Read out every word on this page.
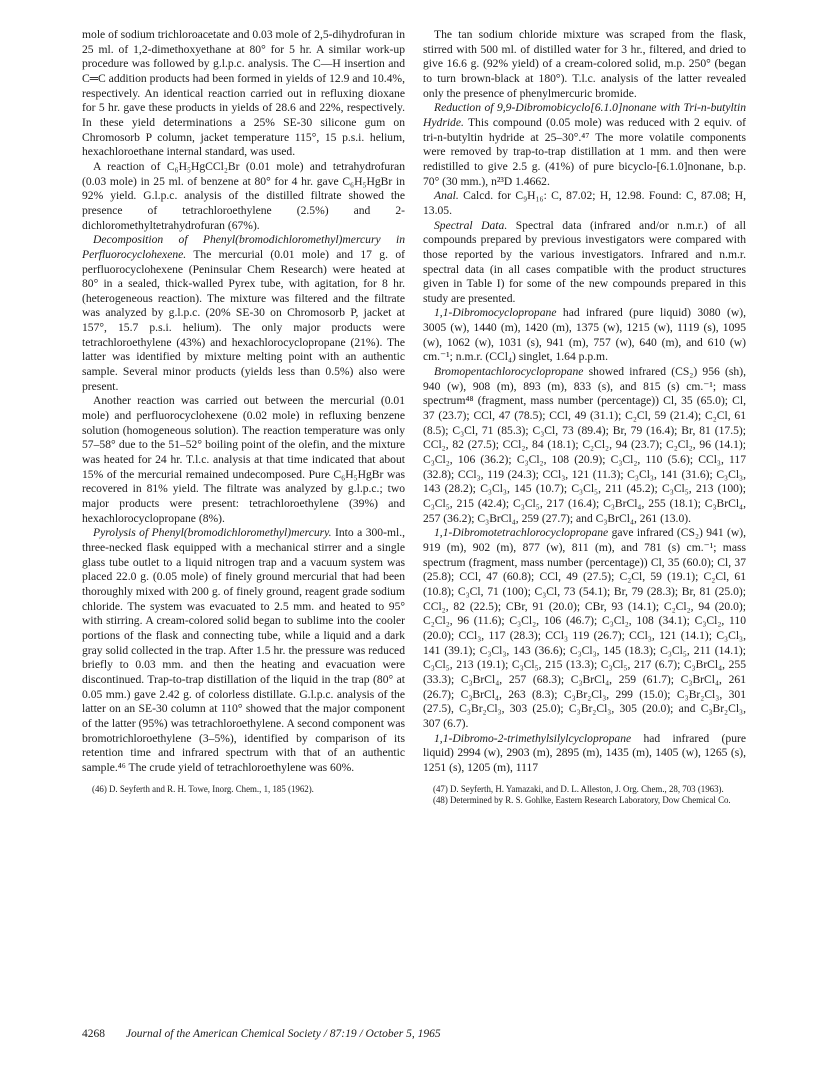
mole of sodium trichloroacetate and 0.03 mole of 2,5-dihydrofuran in 25 ml. of 1,2-dimethoxyethane at 80° for 5 hr. A similar work-up procedure was followed by g.l.p.c. analysis. The C—H insertion and C═C addition products had been formed in yields of 12.9 and 10.4%, respectively. An identical reaction carried out in refluxing dioxane for 5 hr. gave these products in yields of 28.6 and 22%, respectively. In these yield determinations a 25% SE-30 silicone gum on Chromosorb P column, jacket temperature 115°, 15 p.s.i. helium, hexachloroethane internal standard, was used.

A reaction of C₆H₅HgCCl₂Br (0.01 mole) and tetrahydrofuran (0.03 mole) in 25 ml. of benzene at 80° for 4 hr. gave C₆H₅HgBr in 92% yield. G.l.p.c. analysis of the distilled filtrate showed the presence of tetrachloroethylene (2.5%) and 2-dichloromethyltetrahydrofuran (67%).

Decomposition of Phenyl(bromodichloromethyl)mercury in Perfluorocyclohexene. The mercurial (0.01 mole) and 17 g. of perfluorocyclohexene (Peninsular Chem Research) were heated at 80° in a sealed, thick-walled Pyrex tube, with agitation, for 8 hr. (heterogeneous reaction). The mixture was filtered and the filtrate was analyzed by g.l.p.c. (20% SE-30 on Chromosorb P, jacket at 157°, 15.7 p.s.i. helium). The only major products were tetrachloroethylene (43%) and hexachlorocyclopropane (21%). The latter was identified by mixture melting point with an authentic sample. Several minor products (yields less than 0.5%) also were present.

Another reaction was carried out between the mercurial (0.01 mole) and perfluorocyclohexene (0.02 mole) in refluxing benzene solution (homogeneous solution). The reaction temperature was only 57–58° due to the 51–52° boiling point of the olefin, and the mixture was heated for 24 hr. T.l.c. analysis at that time indicated that about 15% of the mercurial remained undecomposed. Pure C₆H₅HgBr was recovered in 81% yield. The filtrate was analyzed by g.l.p.c.; two major products were present: tetrachloroethylene (39%) and hexachlorocyclopropane (8%).

Pyrolysis of Phenyl(bromodichloromethyl)mercury. Into a 300-ml., three-necked flask equipped with a mechanical stirrer and a single glass tube outlet to a liquid nitrogen trap and a vacuum system was placed 22.0 g. (0.05 mole) of finely ground mercurial that had been thoroughly mixed with 200 g. of finely ground, reagent grade sodium chloride. The system was evacuated to 2.5 mm. and heated to 95° with stirring. A cream-colored solid began to sublime into the cooler portions of the flask and connecting tube, while a liquid and a dark gray solid collected in the trap. After 1.5 hr. the pressure was reduced briefly to 0.03 mm. and then the heating and evacuation were discontinued. Trap-to-trap distillation of the liquid in the trap (80° at 0.05 mm.) gave 2.42 g. of colorless distillate. G.l.p.c. analysis of the latter on an SE-30 column at 110° showed that the major component of the latter (95%) was tetrachloroethylene. A second component was bromotrichloroethylene (3–5%), identified by comparison of its retention time and infrared spectrum with that of an authentic sample.⁴⁶ The crude yield of tetrachloroethylene was 60%.

(46) D. Seyferth and R. H. Towe, Inorg. Chem., 1, 185 (1962).

The tan sodium chloride mixture was scraped from the flask, stirred with 500 ml. of distilled water for 3 hr., filtered, and dried to give 16.6 g. (92% yield) of a cream-colored solid, m.p. 250° (began to turn brown-black at 180°). T.l.c. analysis of the latter revealed only the presence of phenylmercuric bromide.

Reduction of 9,9-Dibromobicyclo[6.1.0]nonane with Tri-n-butyltin Hydride. This compound (0.05 mole) was reduced with 2 equiv. of tri-n-butyltin hydride at 25–30°.⁴⁷ The more volatile components were removed by trap-to-trap distillation at 1 mm. and then were redistilled to give 2.5 g. (41%) of pure bicyclo-[6.1.0]nonane, b.p. 70° (30 mm.), n²³D 1.4662.

Anal. Calcd. for C₉H₁₆: C, 87.02; H, 12.98. Found: C, 87.08; H, 13.05.

Spectral Data. Spectral data (infrared and/or n.m.r.) of all compounds prepared by previous investigators were compared with those reported by the various investigators. Infrared and n.m.r. spectral data (in all cases compatible with the product structures given in Table I) for some of the new compounds prepared in this study are presented.

1,1-Dibromocyclopropane had infrared (pure liquid) 3080 (w), 3005 (w), 1440 (m), 1420 (m), 1375 (w), 1215 (w), 1119 (s), 1095 (w), 1062 (w), 1031 (s), 941 (m), 757 (w), 640 (m), and 610 (w) cm.⁻¹; n.m.r. (CCl₄) singlet, 1.64 p.p.m.

Bromopentachlorocyclopropane showed infrared (CS₂) 956 (sh), 940 (w), 908 (m), 893 (m), 833 (s), and 815 (s) cm.⁻¹; mass spectrum⁴⁸ (fragment, mass number (percentage)) Cl, 35 (65.0); Cl, 37 (23.7); CCl, 47 (78.5); CCl, 49 (31.1); C₂Cl, 59 (21.4); C₂Cl, 61 (8.5); C₃Cl, 71 (85.3); C₃Cl, 73 (89.4); Br, 79 (16.4); Br, 81 (17.5); CCl₂, 82 (27.5); CCl₂, 84 (18.1); C₂Cl₂, 94 (23.7); C₂Cl₂, 96 (14.1); C₃Cl₂, 106 (36.2); C₃Cl₂, 108 (20.9); C₃Cl₂, 110 (5.6); CCl₃, 117 (32.8); CCl₃, 119 (24.3); CCl₃, 121 (11.3); C₃Cl₃, 141 (31.6); C₃Cl₃, 143 (28.2); C₃Cl₃, 145 (10.7); C₃Cl₅, 211 (45.2); C₃Cl₅, 213 (100); C₃Cl₅, 215 (42.4); C₃Cl₅, 217 (16.4); C₃BrCl₄, 255 (18.1); C₃BrCl₄, 257 (36.2); C₃BrCl₄, 259 (27.7); and C₃BrCl₄, 261 (13.0).

1,1-Dibromotetrachlorocyclopropane gave infrared (CS₂) 941 (w), 919 (m), 902 (m), 877 (w), 811 (m), and 781 (s) cm.⁻¹; mass spectrum (fragment, mass number (percentage)) Cl, 35 (60.0); Cl, 37 (25.8); CCl, 47 (60.8); CCl, 49 (27.5); C₂Cl, 59 (19.1); C₂Cl, 61 (10.8); C₃Cl, 71 (100); C₃Cl, 73 (54.1); Br, 79 (28.3); Br, 81 (25.0); CCl₂, 82 (22.5); CBr, 91 (20.0); CBr, 93 (14.1); C₂Cl₂, 94 (20.0); C₂Cl₂, 96 (11.6); C₃Cl₂, 106 (46.7); C₃Cl₂, 108 (34.1); C₃Cl₂, 110 (20.0); CCl₃, 117 (28.3); CCl₃ 119 (26.7); CCl₃, 121 (14.1); C₃Cl₃, 141 (39.1); C₃Cl₃, 143 (36.6); C₃Cl₃, 145 (18.3); C₃Cl₅, 211 (14.1); C₃Cl₅, 213 (19.1); C₃Cl₅, 215 (13.3); C₃Cl₅, 217 (6.7); C₃BrCl₄, 255 (33.3); C₃BrCl₄, 257 (68.3); C₃BrCl₄, 259 (61.7); C₃BrCl₄, 261 (26.7); C₃BrCl₄, 263 (8.3); C₃Br₂Cl₃, 299 (15.0); C₃Br₂Cl₃, 301 (27.5), C₃Br₂Cl₃, 303 (25.0); C₃Br₂Cl₃, 305 (20.0); and C₃Br₂Cl₃, 307 (6.7).

1,1-Dibromo-2-trimethylsilylcyclopropane had infrared (pure liquid) 2994 (w), 2903 (m), 2895 (m), 1435 (m), 1405 (w), 1265 (s), 1251 (s), 1205 (m), 1117

(47) D. Seyferth, H. Yamazaki, and D. L. Alleston, J. Org. Chem., 28, 703 (1963).

(48) Determined by R. S. Gohlke, Eastern Research Laboratory, Dow Chemical Co.

4268 Journal of the American Chemical Society / 87:19 / October 5, 1965
